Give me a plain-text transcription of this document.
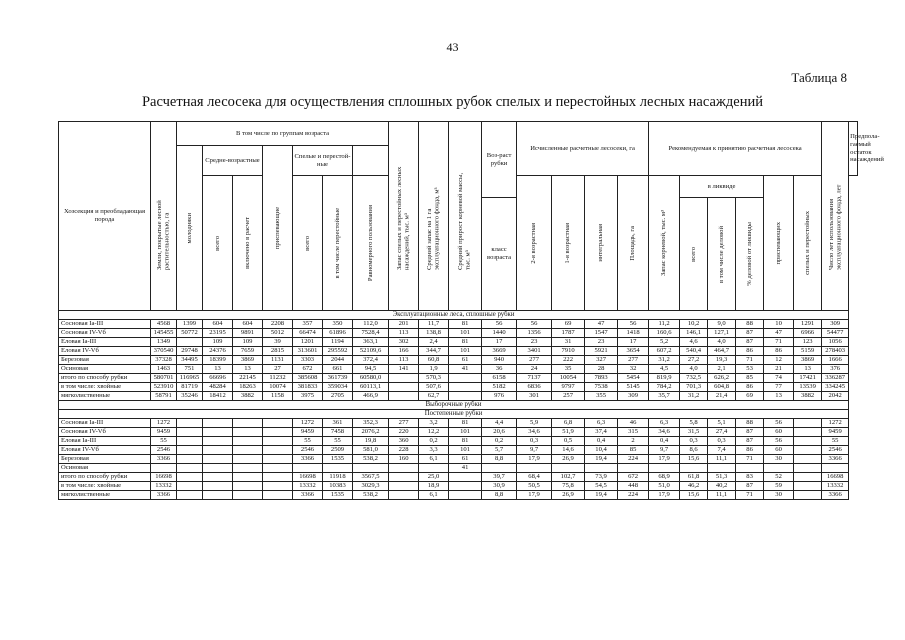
43
Таблица 8
Расчетная лесосека для осуществления сплошных рубок спелых и перестойных лесных насаждений
Хозсекция и преобладающая порода	Земли, покрытые лесной растительностью, га	В том числе по группам возраста							Запас спелых и перестойных лесных насаждений, тыс. м³	Средний запас на 1 га эксплуатационного фонда, м³	Средний прирост корневой массы, тыс. м³	Воз-раст рубки	Исчисленные расчетные лесосеки, га				Рекомендуемая к принятию расчетная лесосека						Число лет использования эксплуатационного фонда, лет	Предпола-гаемый остаток насаждений

		молодняки	Средне-возрастные		приспевающие	Спелые и перестой-ные																		

			всего	включено в расчет		всего	в том числе перестойные	Равномерного пользования					2-я возрастная	1-я возрастная	интегральная	Площадь, га	Запас корневой, тыс. м³	в ликвиде			приспевающих	спелых и перестойных		

												класс возраста						всего	в том числе деловой	% деловой от ликвиды				

Эксплуатационные леса, сплошные рубки																								
Сосновая Ia-III	4568	1399	604	604	2208	357	350	112,0	201	11,7	81	56	56	69	47	56	11,2	10,2	9,0	88	10	1291	309	
Сосновая IV-Vб	145455	50772	23195	9891	5012	66474	61896	7528,4	113	138,8	101	1440	1356	1787	1547	1418	160,6	146,1	127,1	87	47	6966	54477	
Еловая Ia-III	1349		109	109	39	1201	1194	363,1	302	2,4	81	17	23	31	23	17	5,2	4,6	4,0	87	71	123	1056	
Еловая IV-Vб	370540	29748	24376	7659	2815	313601	295592	52109,6	166	344,7	101	3669	3401	7910	5921	3654	607,2	540,4	464,7	86	86	5159	278403	
Березовая	37328	34495	18399	3869	1131	3303	2044	372,4	113	60,8	61	940	277	222	327	277	31,2	27,2	19,3	71	12	3869	1666	
Осиновая	1463	751	13	13	27	672	661	94,5	141	1,9	41	36	24	35	28	32	4,5	4,0	2,1	53	21	13	376	
итого по способу рубки	580701	116965	66696	22145	11232	385608	361739	60580,0		570,3		6158	7137	10054	7893	5454	819,9	732,5	626,2	85	74	17421	336287	
в том числе: хвойные	523910	81719	48284	18263	10074	381833	359034	60113,1		507,6		5182	6836	9797	7538	5145	784,2	701,3	604,8	86	77	13539	334245	
мягколиственные	58791	35246	18412	3882	1158	3975	2705	466,9		62,7		976	301	257	355	309	35,7	31,2	21,4	69	13	3882	2042	
Выборочные рубки																								
Постепенные рубки																								
Сосновая Ia-III	1272					1272	361	352,3	277	3,2	81	4,4	5,9	6,8	6,3	46	6,3	5,8	5,1	88	56		1272	
Сосновая IV-Vб	9459					9459	7458	2076,2	220	12,2	101	20,6	34,6	51,9	37,4	315	34,6	31,5	27,4	87	60		9459	
Еловая Ia-III	55					55	55	19,8	360	0,2	81	0,2	0,3	0,5	0,4	2	0,4	0,3	0,3	87	56		55	
Еловая IV-Vб	2546					2546	2509	581,0	228	3,3	101	5,7	9,7	14,6	10,4	85	9,7	8,6	7,4	86	60		2546	
Березовая	3366					3366	1535	538,2	160	6,1	61	8,8	17,9	26,9	19,4	224	17,9	15,6	11,1	71	30		3366	
Осиновая											41													
итого по способу рубки	16698					16698	11918	3567,5		25,0		39,7	68,4	102,7	73,9	672	68,9	61,8	51,3	83	52		16698	
в том числе: хвойные	13332					13332	10383	3029,3		18,9		30,9	50,5	75,8	54,5	448	51,0	46,2	40,2	87	59		13332	
мягколиственные	3366					3366	1535	538,2		6,1		8,8	17,9	26,9	19,4	224	17,9	15,6	11,1	71	30		3366	
